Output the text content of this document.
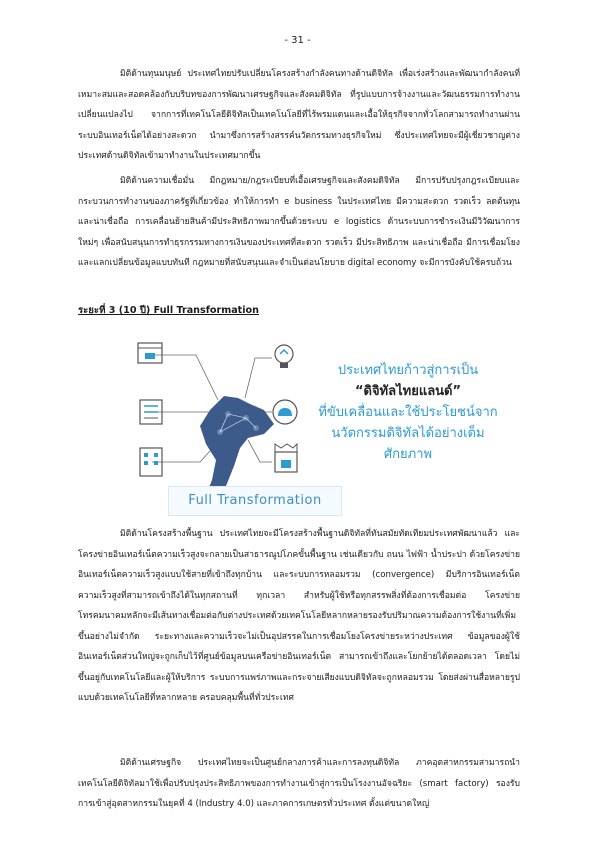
- 31 -

มิติด้านทุนมนุษย์ ประเทศไทยปรับเปลี่ยนโครงสร้างกำลังคนทางด้านดิจิทัล เพื่อเร่งสร้างและพัฒนากำลังคนที่เหมาะสมและสอดคล้องกับบริบทของการพัฒนาเศรษฐกิจและสังคมดิจิทัล ที่รูปแบบการจ้างงานและวัฒนธรรมการทำงานเปลี่ยนแปลงไป จากการที่เทคโนโลยีดิจิทัลเป็นเทคโนโลยีที่ไร้พรมแดนและเอื้อให้ธุรกิจจากทั่วโลกสามารถทำงานผ่านระบบอินเทอร์เน็ตได้อย่างสะดวก นำมาซึ่งการสร้างสรรค์นวัตกรรมทางธุรกิจใหม่ ซึ่งประเทศไทยจะมีผู้เชี่ยวชาญต่างประเทศด้านดิจิทัลเข้ามาทำงานในประเทศมากขึ้น

มิติด้านความเชื่อมั่น มีกฎหมาย/กฎระเบียบที่เอื้อเศรษฐกิจและสังคมดิจิทัล มีการปรับปรุงกฎระเบียบและกระบวนการทำงานของภาครัฐที่เกี่ยวข้อง ทำให้การทำ e business ในประเทศไทย มีความสะดวก รวดเร็ว ลดต้นทุน และน่าเชื่อถือ การเคลื่อนย้ายสินค้ามีประสิทธิภาพมากขึ้นด้วยระบบ e logistics ด้านระบบการชำระเงินมีวิวัฒนาการใหม่ๆ เพื่อสนับสนุนการทำธุรกรรมทางการเงินของประเทศที่สะดวก รวดเร็ว มีประสิทธิภาพ และน่าเชื่อถือ มีการเชื่อมโยงและแลกเปลี่ยนข้อมูลแบบทันที กฎหมายที่สนับสนุนและจำเป็นต่อนโยบาย digital economy จะมีการบังคับใช้ครบถ้วน

ระยะที่ 3 (10 ปี) Full Transformation

ประเทศไทยก้าวสู่การเป็น
“ดิจิทัลไทยแลนด์”
ที่ขับเคลื่อนและใช้ประโยชน์จาก
นวัตกรรมดิจิทัลได้อย่างเต็มศักยภาพ
Full Transformation

มิติด้านโครงสร้างพื้นฐาน ประเทศไทยจะมีโครงสร้างพื้นฐานดิจิทัลที่ทันสมัยทัดเทียมประเทศพัฒนาแล้ว และโครงข่ายอินเทอร์เน็ตความเร็วสูงจะกลายเป็นสาธารณูปโภคขั้นพื้นฐาน เช่นเดียวกับ ถนน ไฟฟ้า น้ำประปา ด้วยโครงข่ายอินเทอร์เน็ตความเร็วสูงแบบใช้สายที่เข้าถึงทุกบ้าน และระบบการหลอมรวม (convergence) มีบริการอินเทอร์เน็ตความเร็วสูงที่สามารถเข้าถึงได้ในทุกสถานที่ ทุกเวลา สำหรับผู้ใช้หรือทุกสรรพสิ่งที่ต้องการเชื่อมต่อ โครงข่ายโทรคมนาคมหลักจะมีเส้นทางเชื่อมต่อกับต่างประเทศด้วยเทคโนโลยีหลากหลายรองรับปริมาณความต้องการใช้งานที่เพิ่มขึ้นอย่างไม่จำกัด ระยะทางและความเร็วจะไม่เป็นอุปสรรคในการเชื่อมโยงโครงข่ายระหว่างประเทศ ข้อมูลของผู้ใช้อินเทอร์เน็ตส่วนใหญ่จะถูกเก็บไว้ที่ศูนย์ข้อมูลบนเครือข่ายอินเทอร์เน็ต สามารถเข้าถึงและโยกย้ายได้ตลอดเวลา โดยไม่ขึ้นอยู่กับเทคโนโลยีและผู้ให้บริการ ระบบการแพร่ภาพและกระจายเสียงแบบดิจิทัลจะถูกหลอมรวม โดยส่งผ่านสื่อหลายรูปแบบด้วยเทคโนโลยีที่หลากหลาย ครอบคลุมพื้นที่ทั่วประเทศ

มิติด้านเศรษฐกิจ ประเทศไทยจะเป็นศูนย์กลางการค้าและการลงทุนดิจิทัล ภาคอุตสาหกรรมสามารถนำเทคโนโลยีดิจิทัลมาใช้เพื่อปรับปรุงประสิทธิภาพของการทำงานเข้าสู่การเป็นโรงงานอัจฉริยะ (smart factory) รองรับการเข้าสู่อุตสาหกรรมในยุคที่ 4 (Industry 4.0) และภาคการเกษตรทั่วประเทศ ตั้งแต่ขนาดใหญ่
